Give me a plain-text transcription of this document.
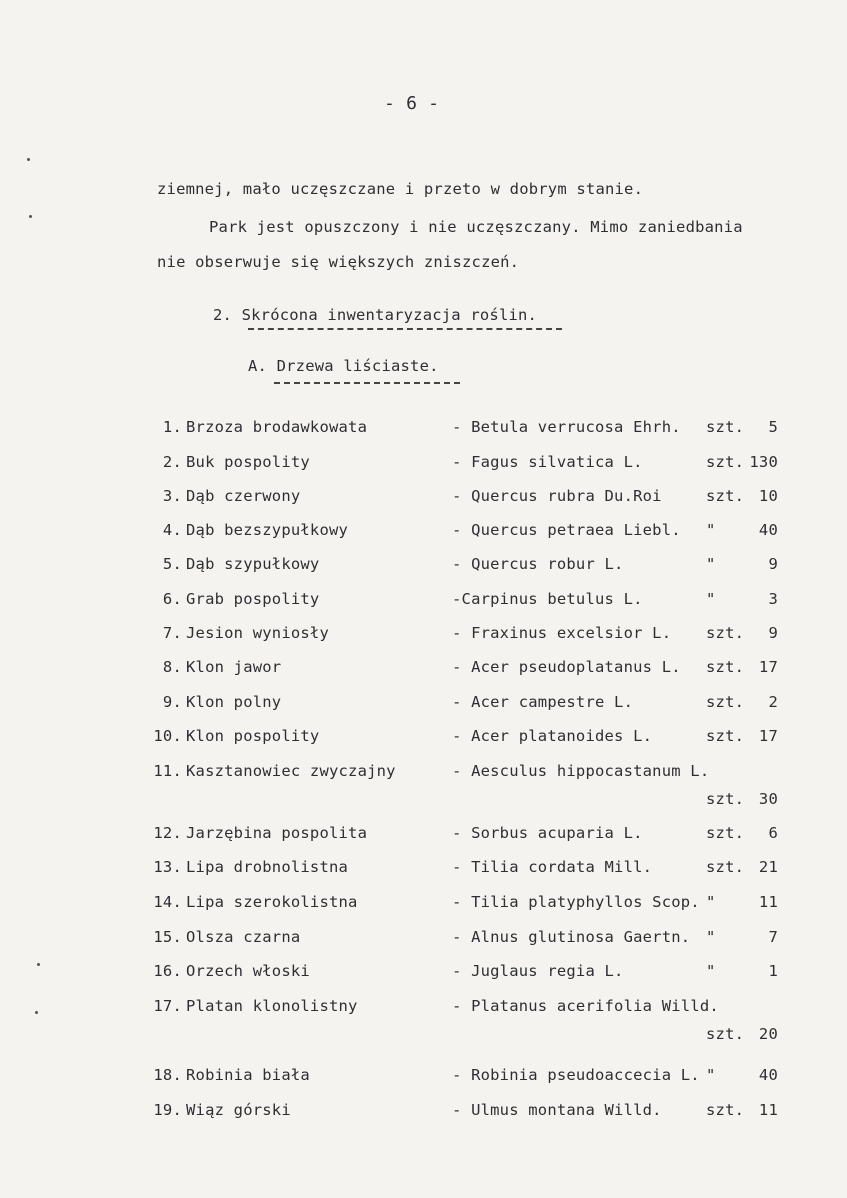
- 6 -
ziemnej, mało uczęszczane i przeto w dobrym stanie.
Park jest opuszczony i nie uczęszczany. Mimo zaniedbania
nie obserwuje się większych zniszczeń.
2. Skrócona inwentaryzacja roślin.
A. Drzewa liściaste.
1. Brzoza brodawkowata	- Betula verrucosa Ehrh. szt. 5
2. Buk pospolity	- Fagus silvatica L.	szt. 130
3. Dąb czerwony	- Quercus rubra Du.Roi	szt. 10
4. Dąb bezszypułkowy	- Quercus petraea Liebl. "	40
5. Dąb szypułkowy	- Quercus robur L.	"	9
6. Grab pospolity	-Carpinus betulus L.	"	3
7. Jesion wyniosły	- Fraxinus excelsior L. szt. 9
8. Klon jawor	- Acer pseudoplatanus L. szt. 17
9. Klon polny	- Acer campestre L.	szt. 2
10. Klon pospolity	- Acer platanoides L.	szt. 17
11. Kasztanowiec zwyczajny	- Aesculus hippocastanum L.
szt. 30
12. Jarzębina pospolita	- Sorbus acuparia L.	szt. 6
13. Lipa drobnolistna	- Tilia cordata Mill.	szt. 21
14. Lipa szerokolistna	- Tilia platyphyllos Scop. "	11
15. Olsza czarna	- Alnus glutinosa Gaertn. "	7
16. Orzech włoski	- Juglaus regia L.	"	1
17. Platan klonolistny	- Platanus acerifolia Willd.
szt. 20
18. Robinia biała	- Robinia pseudoaccecia L. "	40
19. Wiąz górski	- Ulmus montana Willd.	szt. 11
